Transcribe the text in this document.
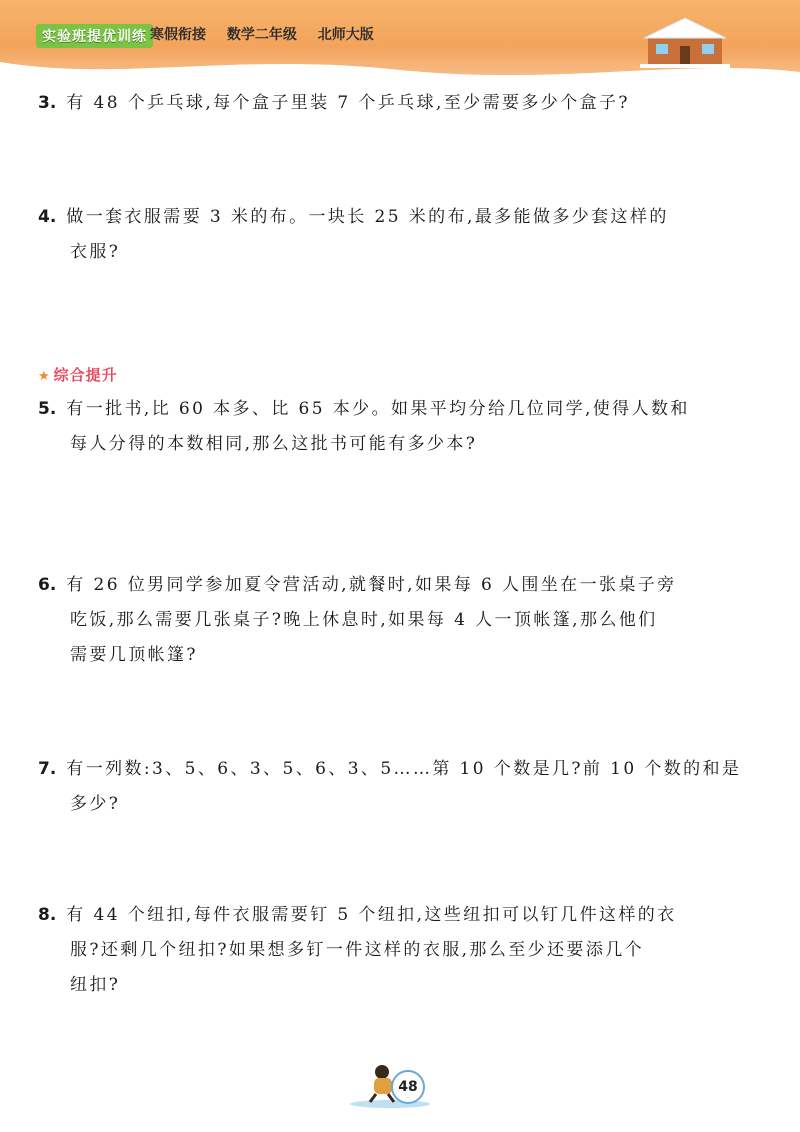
实验班提优训练 寒假衔接 数学二年级 北师大版
3. 有 48 个乒乓球,每个盒子里装 7 个乒乓球,至少需要多少个盒子?
4. 做一套衣服需要 3 米的布。一块长 25 米的布,最多能做多少套这样的
衣服?
★ 综合提升
5. 有一批书,比 60 本多、比 65 本少。如果平均分给几位同学,使得人数和
每人分得的本数相同,那么这批书可能有多少本?
6. 有 26 位男同学参加夏令营活动,就餐时,如果每 6 人围坐在一张桌子旁
吃饭,那么需要几张桌子?晚上休息时,如果每 4 人一顶帐篷,那么他们
需要几顶帐篷?
7. 有一列数:3、5、6、3、5、6、3、5……第 10 个数是几?前 10 个数的和是
多少?
8. 有 44 个纽扣,每件衣服需要钉 5 个纽扣,这些纽扣可以钉几件这样的衣
服?还剩几个纽扣?如果想多钉一件这样的衣服,那么至少还要添几个
纽扣?
48
